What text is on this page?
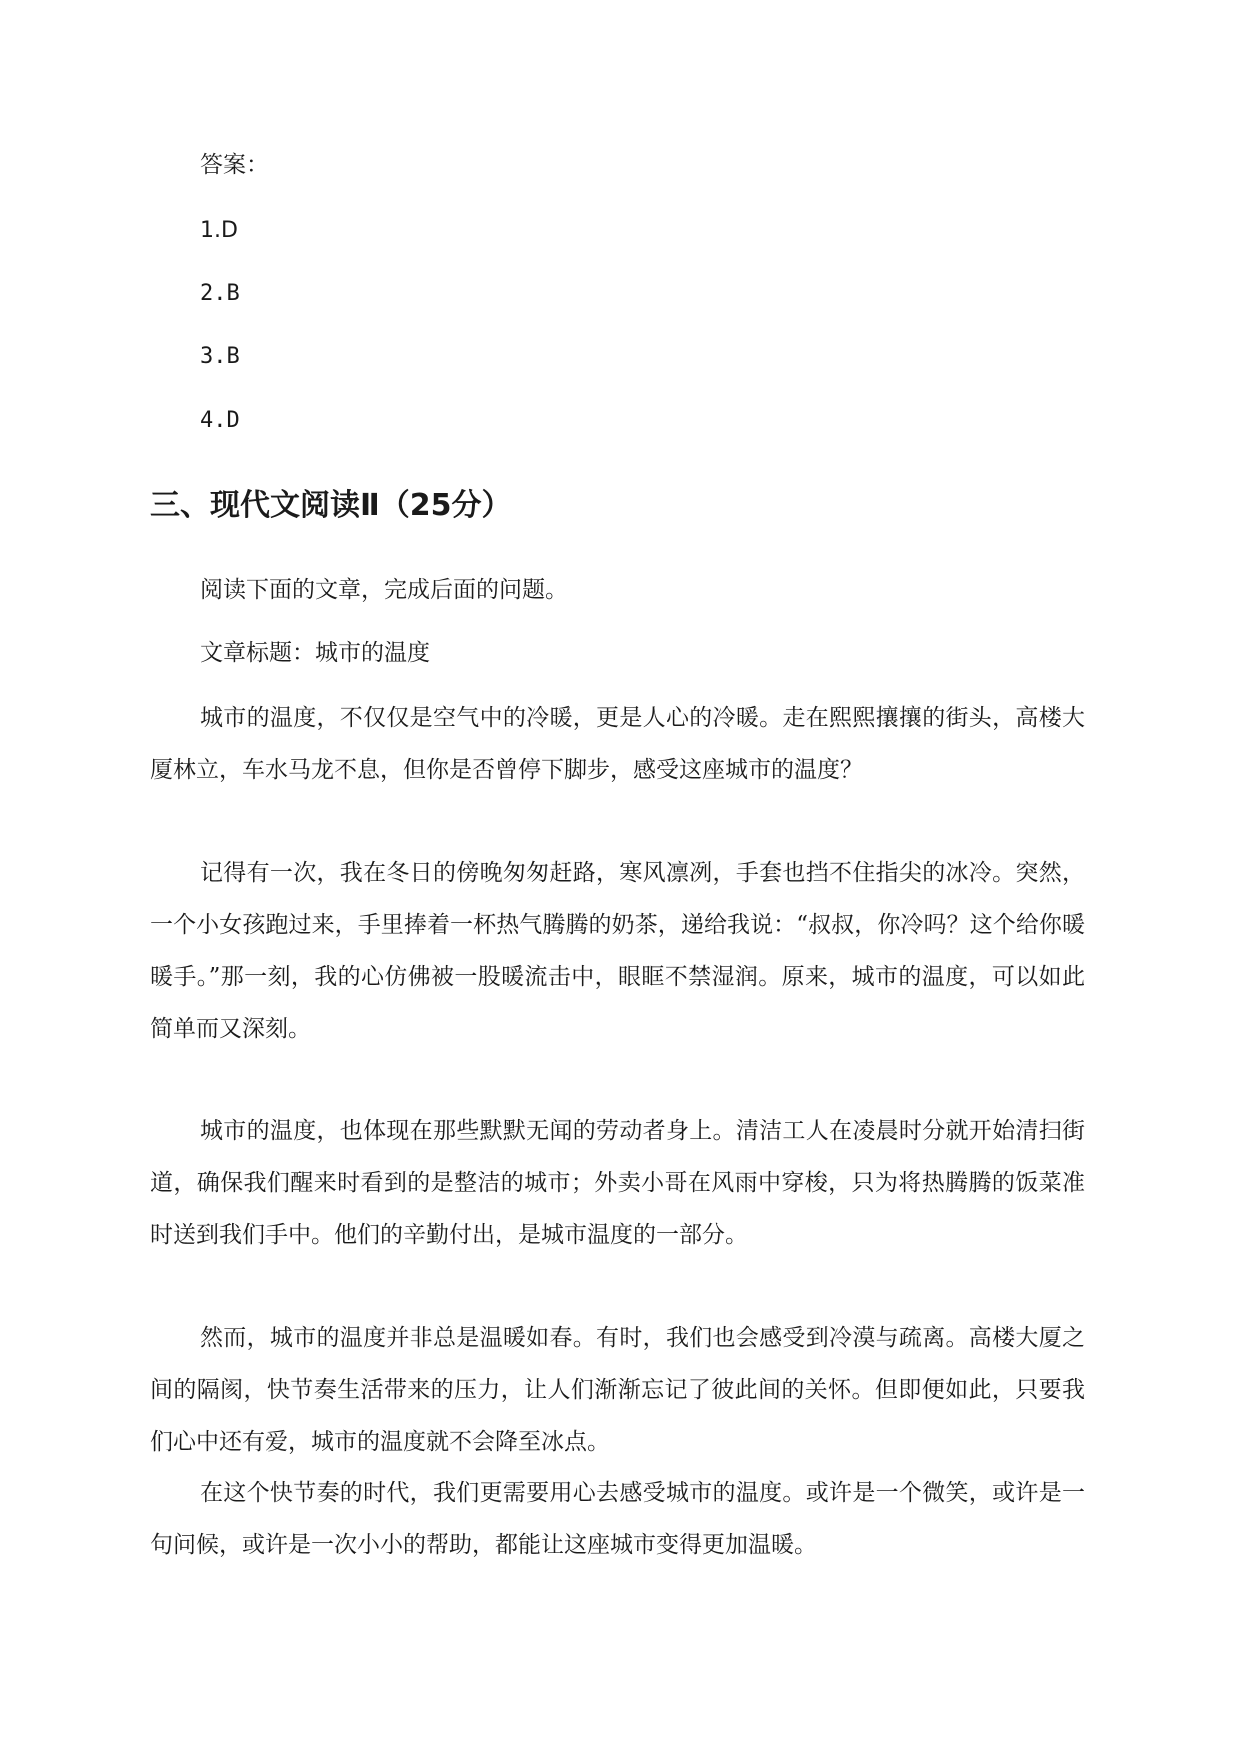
答案：
1.D
2.B
3.B
4.D
三、现代文阅读Ⅱ（25分）
阅读下面的文章，完成后面的问题。
文章标题：城市的温度
城市的温度，不仅仅是空气中的冷暖，更是人心的冷暖。走在熙熙攘攘的街头，高楼大厦林立，车水马龙不息，但你是否曾停下脚步，感受这座城市的温度？
记得有一次，我在冬日的傍晚匆匆赶路，寒风凛冽，手套也挡不住指尖的冰冷。突然，一个小女孩跑过来，手里捧着一杯热气腾腾的奶茶，递给我说：“叔叔，你冷吗？这个给你暖暖手。”那一刻，我的心仿佛被一股暖流击中，眼眶不禁湿润。原来，城市的温度，可以如此简单而又深刻。
城市的温度，也体现在那些默默无闻的劳动者身上。清洁工人在凌晨时分就开始清扫街道，确保我们醒来时看到的是整洁的城市；外卖小哥在风雨中穿梭，只为将热腾腾的饭菜准时送到我们手中。他们的辛勤付出，是城市温度的一部分。
然而，城市的温度并非总是温暖如春。有时，我们也会感受到冷漠与疏离。高楼大厦之间的隔阂，快节奏生活带来的压力，让人们渐渐忘记了彼此间的关怀。但即便如此，只要我们心中还有爱，城市的温度就不会降至冰点。
在这个快节奏的时代，我们更需要用心去感受城市的温度。或许是一个微笑，或许是一句问候，或许是一次小小的帮助，都能让这座城市变得更加温暖。
